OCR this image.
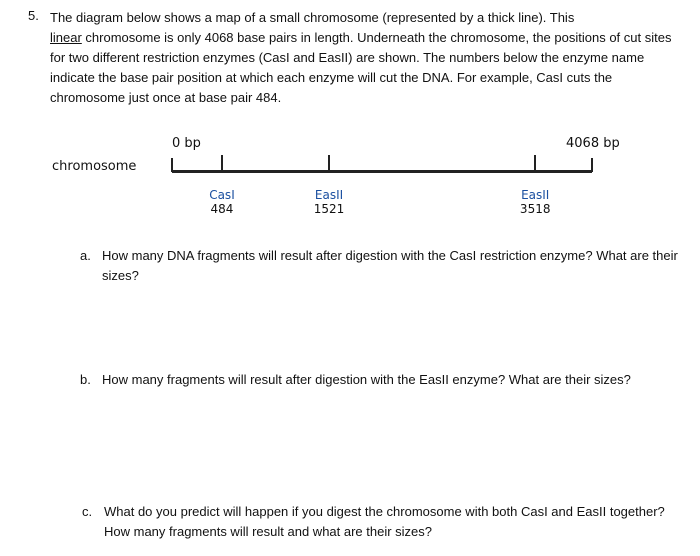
5. The diagram below shows a map of a small chromosome (represented by a thick line). This
linear chromosome is only 4068 base pairs in length. Underneath the chromosome, the positions of cut sites for two different restriction enzymes (CasI and EasII) are shown. The numbers below the enzyme name indicate the base pair position at which each enzyme will cut the DNA. For example, CasI cuts the chromosome just once at base pair 484.
0 bp	4068 bp
chromosome
CasI
484
EasII
1521
EasII
3518
a. How many DNA fragments will result after digestion with the CasI restriction enzyme? What are their sizes?
b. How many fragments will result after digestion with the EasII enzyme? What are their sizes?
c. What do you predict will happen if you digest the chromosome with both CasI and EasII together? How many fragments will result and what are their sizes?
